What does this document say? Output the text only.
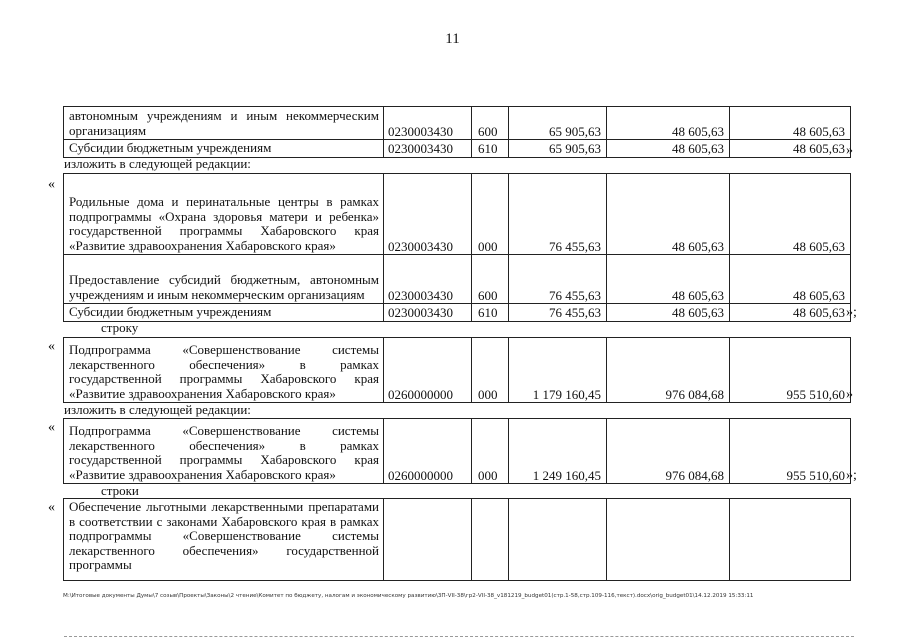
11
автономным учреждениям и иным некоммерческим организациям	0230003430	600	65 905,63	48 605,63	48 605,63
Субсидии бюджетным учреждениям	0230003430	610	65 905,63	48 605,63	48 605,63 »
изложить в следующей редакции:
«
Родильные дома и перинатальные центры в рамках подпрограммы «Охрана здоровья матери и ребенка» государственной программы Хабаровского края «Развитие здравоохранения Хабаровского края»	0230003430	000	76 455,63	48 605,63	48 605,63
Предоставление субсидий бюджетным, автономным учреждениям и иным некоммерческим организациям	0230003430	600	76 455,63	48 605,63	48 605,63
Субсидии бюджетным учреждениям	0230003430	610	76 455,63	48 605,63	48 605,63 »;
строку
« Подпрограмма «Совершенствование системы лекарственного обеспечения» в рамках государственной программы Хабаровского края «Развитие здравоохранения Хабаровского края»	0260000000	000	1 179 160,45	976 084,68	955 510,60 »
изложить в следующей редакции:
« Подпрограмма «Совершенствование системы лекарственного обеспечения» в рамках государственной программы Хабаровского края «Развитие здравоохранения Хабаровского края»	0260000000	000	1 249 160,45	976 084,68	955 510,60 »;
строки
« Обеспечение льготными лекарственными препаратами в соответствии с законами Хабаровского края в рамках подпрограммы «Совершенствование системы лекарственного обеспечения» государственной программы					
М:\Итоговые документы Думы\7 созыв\Проекты\Законы\2 чтение\Комитет по бюджету, налогам и экономическому развитию\3П-VII-38\гр2-VII-38_v181219_budget01(стр.1-58,стр.109-116,текст).docx\orig_budget01\14.12.2019 15:33:11
